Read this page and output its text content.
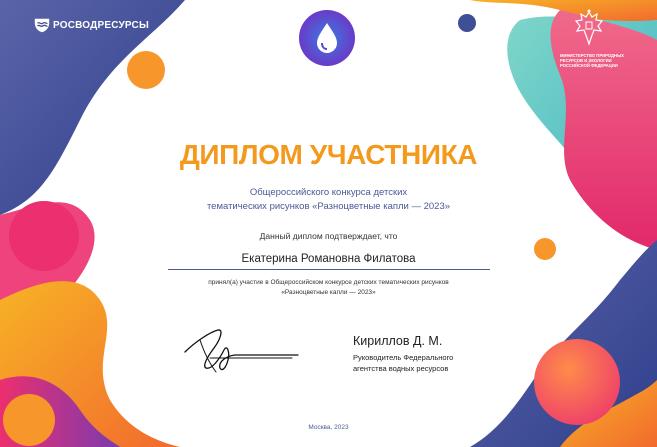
РОСВОДРЕСУРСЫ
МИНИСТЕРСТВО ПРИРОДНЫХ РЕСУРСОВ И ЭКОЛОГИИ РОССИЙСКОЙ ФЕДЕРАЦИИ
ДИПЛОМ УЧАСТНИКА
Общероссийского конкурса детских
тематических рисунков «Разноцветные капли — 2023»
Данный диплом подтверждает, что
Екатерина Романовна Филатова
принял(а) участие в Общероссийском конкурсе детских тематических рисунков
«Разноцветные капли — 2023»
Кириллов Д. М.
Руководитель Федерального
агентства водных ресурсов
Москва, 2023
